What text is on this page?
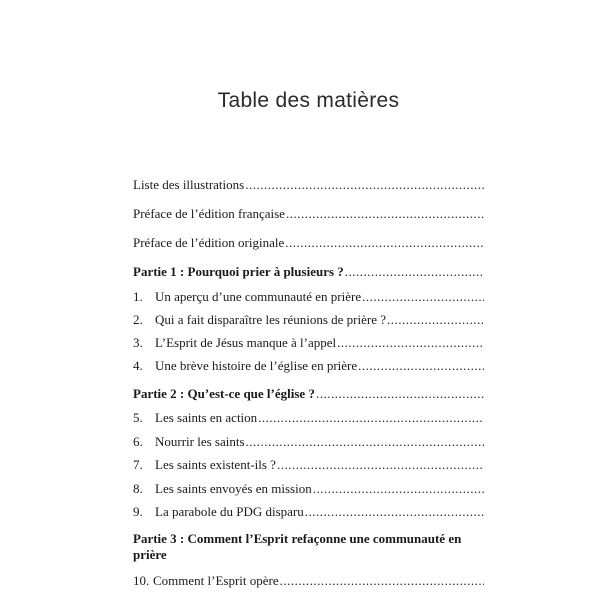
Table des matières
Liste des illustrations
.....
Préface de l’édition française
.....
Préface de l’édition originale
.....
Partie 1 : Pourquoi prier à plusieurs ?
.....
1. Un aperçu d’une communauté en prière
.....
2. Qui a fait disparaître les réunions de prière ?
.....
3. L’Esprit de Jésus manque à l’appel
.....
4. Une brève histoire de l’église en prière
.....
Partie 2 : Qu’est-ce que l’église ?
.....
5. Les saints en action
.....
6. Nourrir les saints
.....
7. Les saints existent-ils ?
.....
8. Les saints envoyés en mission
.....
9. La parabole du PDG disparu
.....
Partie 3 : Comment l’Esprit refaçonne une communauté en prière
10. Comment l’Esprit opère
.....
